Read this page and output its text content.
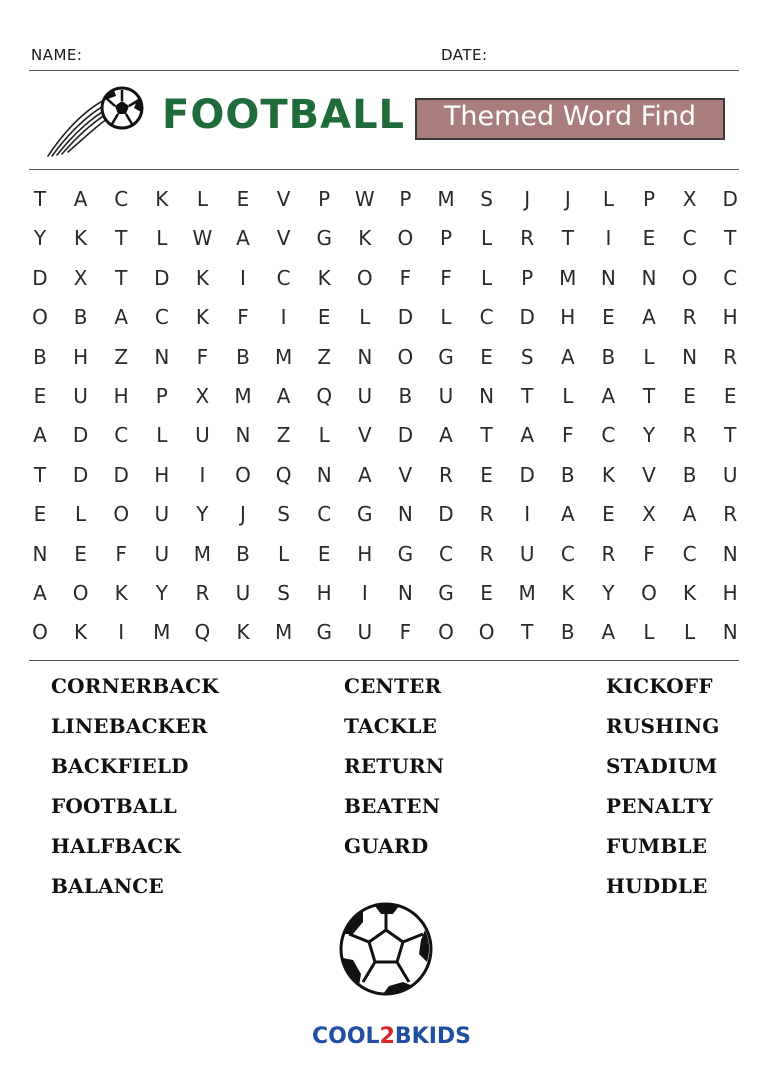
NAME:	DATE:
FOOTBALL	Themed Word Find
T	A	C	K	L	E	V	P	W	P	M	S	J	J	L	P	X	D
Y	K	T	L	W	A	V	G	K	O	P	L	R	T	I	E	C	T
D	X	T	D	K	I	C	K	O	F	F	L	P	M	N	N	O	C
O	B	A	C	K	F	I	E	L	D	L	C	D	H	E	A	R	H
B	H	Z	N	F	B	M	Z	N	O	G	E	S	A	B	L	N	R
E	U	H	P	X	M	A	Q	U	B	U	N	T	L	A	T	E	E
A	D	C	L	U	N	Z	L	V	D	A	T	A	F	C	Y	R	T
T	D	D	H	I	O	Q	N	A	V	R	E	D	B	K	V	B	U
E	L	O	U	Y	J	S	C	G	N	D	R	I	A	E	X	A	R
N	E	F	U	M	B	L	E	H	G	C	R	U	C	R	F	C	N
A	O	K	Y	R	U	S	H	I	N	G	E	M	K	Y	O	K	H
O	K	I	M	Q	K	M	G	U	F	O	O	T	B	A	L	L	N
CORNERBACK
LINEBACKER
BACKFIELD
FOOTBALL
HALFBACK
BALANCE
CENTER
TACKLE
RETURN
BEATEN
GUARD
KICKOFF
RUSHING
STADIUM
PENALTY
FUMBLE
HUDDLE
COOL2BKIDS
